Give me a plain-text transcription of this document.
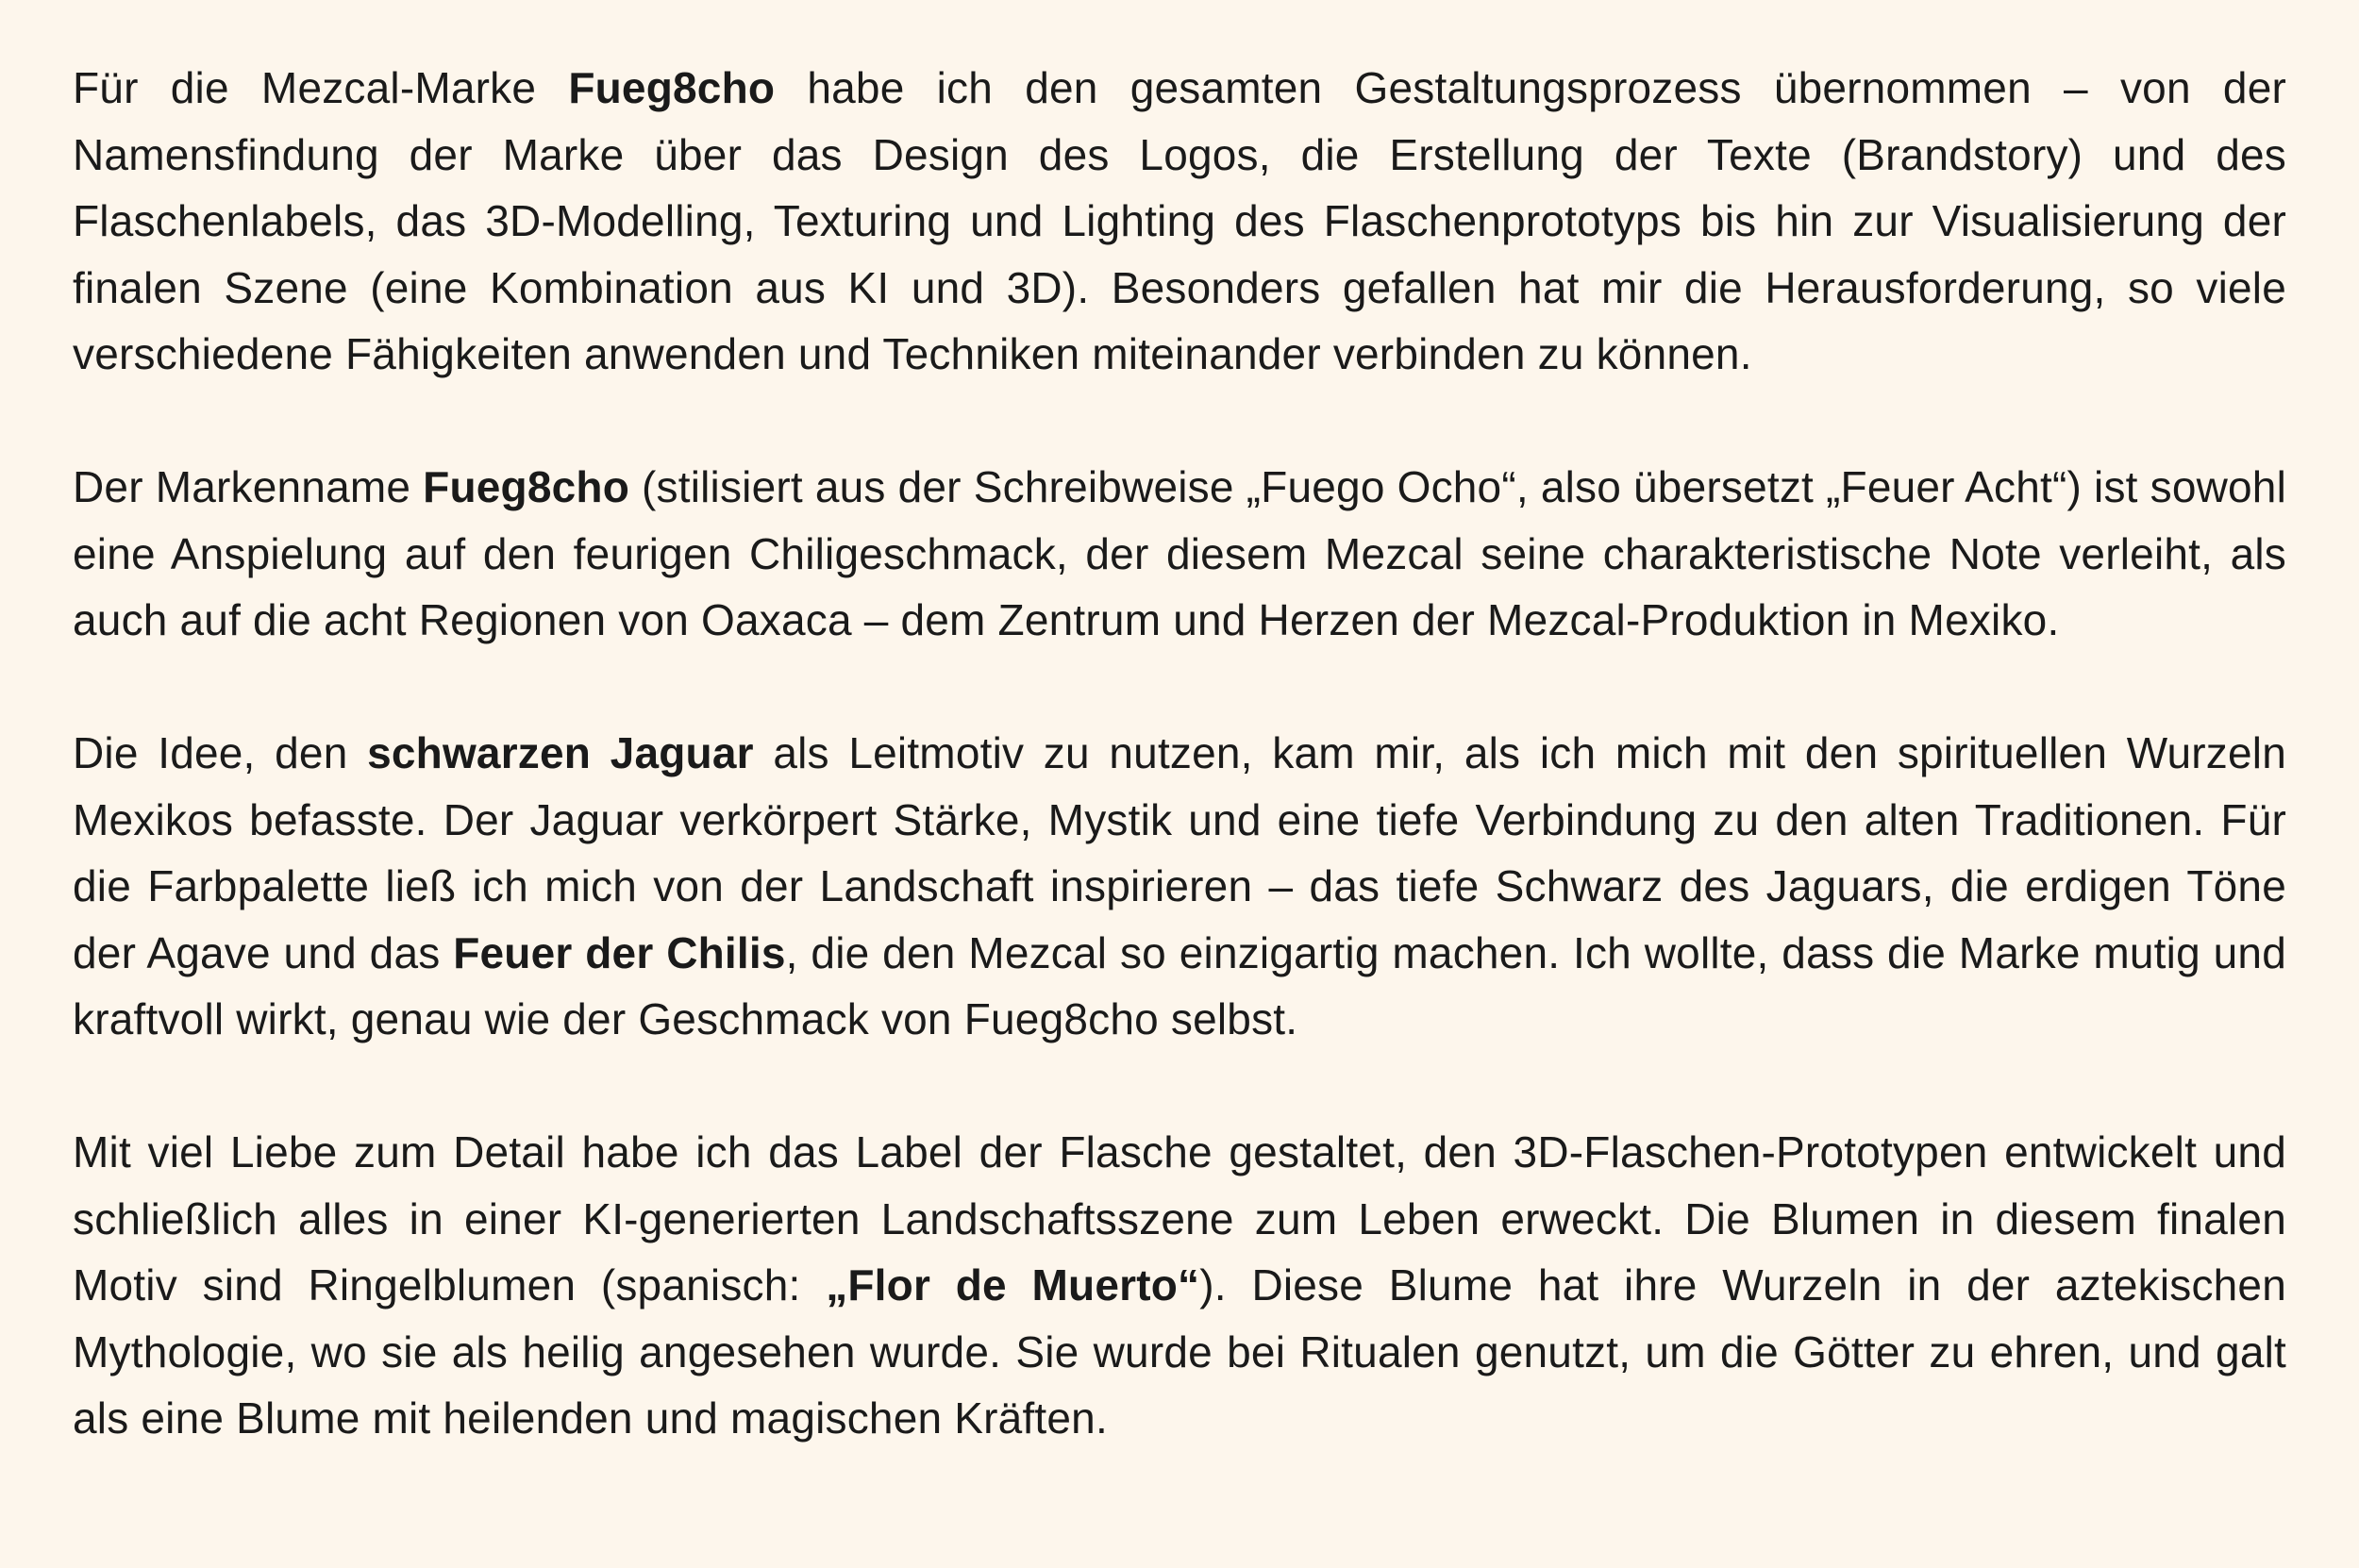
Für die Mezcal-Marke Fueg8cho habe ich den gesamten Gestaltungsprozess übernommen – von der Namensfindung der Marke über das Design des Logos, die Erstellung der Texte (Brandstory) und des Flaschenlabels, das 3D-Modelling, Texturing und Lighting des Flaschenprototyps bis hin zur Visualisierung der finalen Szene (eine Kombination aus KI und 3D). Besonders gefallen hat mir die Herausforderung, so viele verschiedene Fähigkeiten anwenden und Techniken miteinander verbinden zu können.

Der Markenname Fueg8cho (stilisiert aus der Schreibweise „Fuego Ocho“, also übersetzt „Feuer Acht“) ist sowohl eine Anspielung auf den feurigen Chiligeschmack, der diesem Mezcal seine charakteristische Note verleiht, als auch auf die acht Regionen von Oaxaca – dem Zentrum und Herzen der Mezcal-Produktion in Mexiko.

Die Idee, den schwarzen Jaguar als Leitmotiv zu nutzen, kam mir, als ich mich mit den spirituellen Wurzeln Mexikos befasste. Der Jaguar verkörpert Stärke, Mystik und eine tiefe Verbindung zu den alten Traditionen. Für die Farbpalette ließ ich mich von der Landschaft inspirieren – das tiefe Schwarz des Jaguars, die erdigen Töne der Agave und das Feuer der Chilis, die den Mezcal so einzigartig machen. Ich wollte, dass die Marke mutig und kraftvoll wirkt, genau wie der Geschmack von Fueg8cho selbst.

Mit viel Liebe zum Detail habe ich das Label der Flasche gestaltet, den 3D-Flaschen-Prototypen entwickelt und schließlich alles in einer KI-generierten Landschaftsszene zum Leben erweckt. Die Blumen in diesem finalen Motiv sind Ringelblumen (spanisch: „Flor de Muerto“). Diese Blume hat ihre Wurzeln in der aztekischen Mythologie, wo sie als heilig angesehen wurde. Sie wurde bei Ritualen genutzt, um die Götter zu ehren, und galt als eine Blume mit heilenden und magischen Kräften.
